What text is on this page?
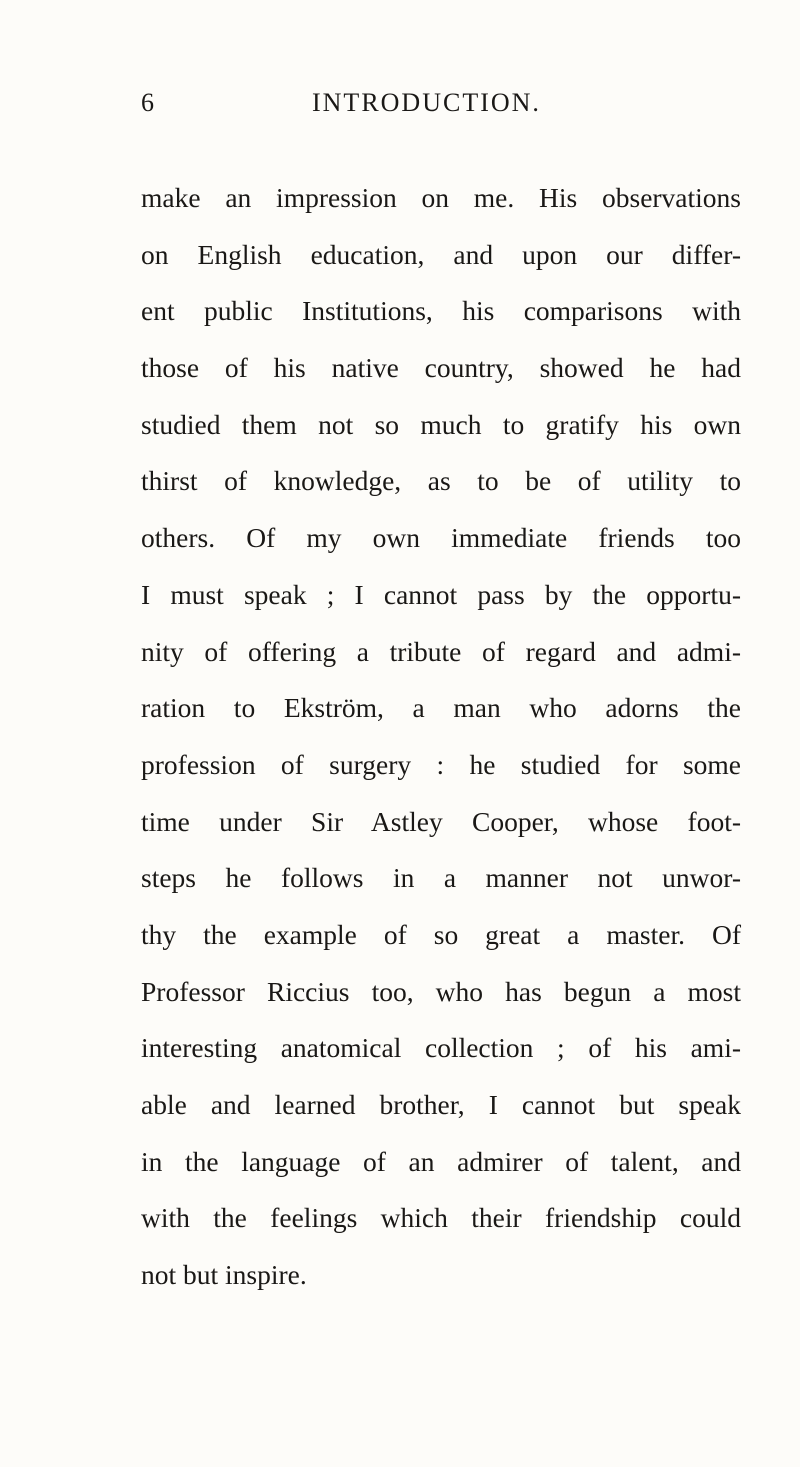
6	INTRODUCTION.
make an impression on me. His observations
on English education, and upon our differ-
ent public Institutions, his comparisons with
those of his native country, showed he had
studied them not so much to gratify his own
thirst of knowledge, as to be of utility to
others. Of my own immediate friends too
I must speak ; I cannot pass by the opportu-
nity of offering a tribute of regard and admi-
ration to Ekström, a man who adorns the
profession of surgery : he studied for some
time under Sir Astley Cooper, whose foot-
steps he follows in a manner not unwor-
thy the example of so great a master. Of
Professor Riccius too, who has begun a most
interesting anatomical collection ; of his ami-
able and learned brother, I cannot but speak
in the language of an admirer of talent, and
with the feelings which their friendship could
not but inspire.
